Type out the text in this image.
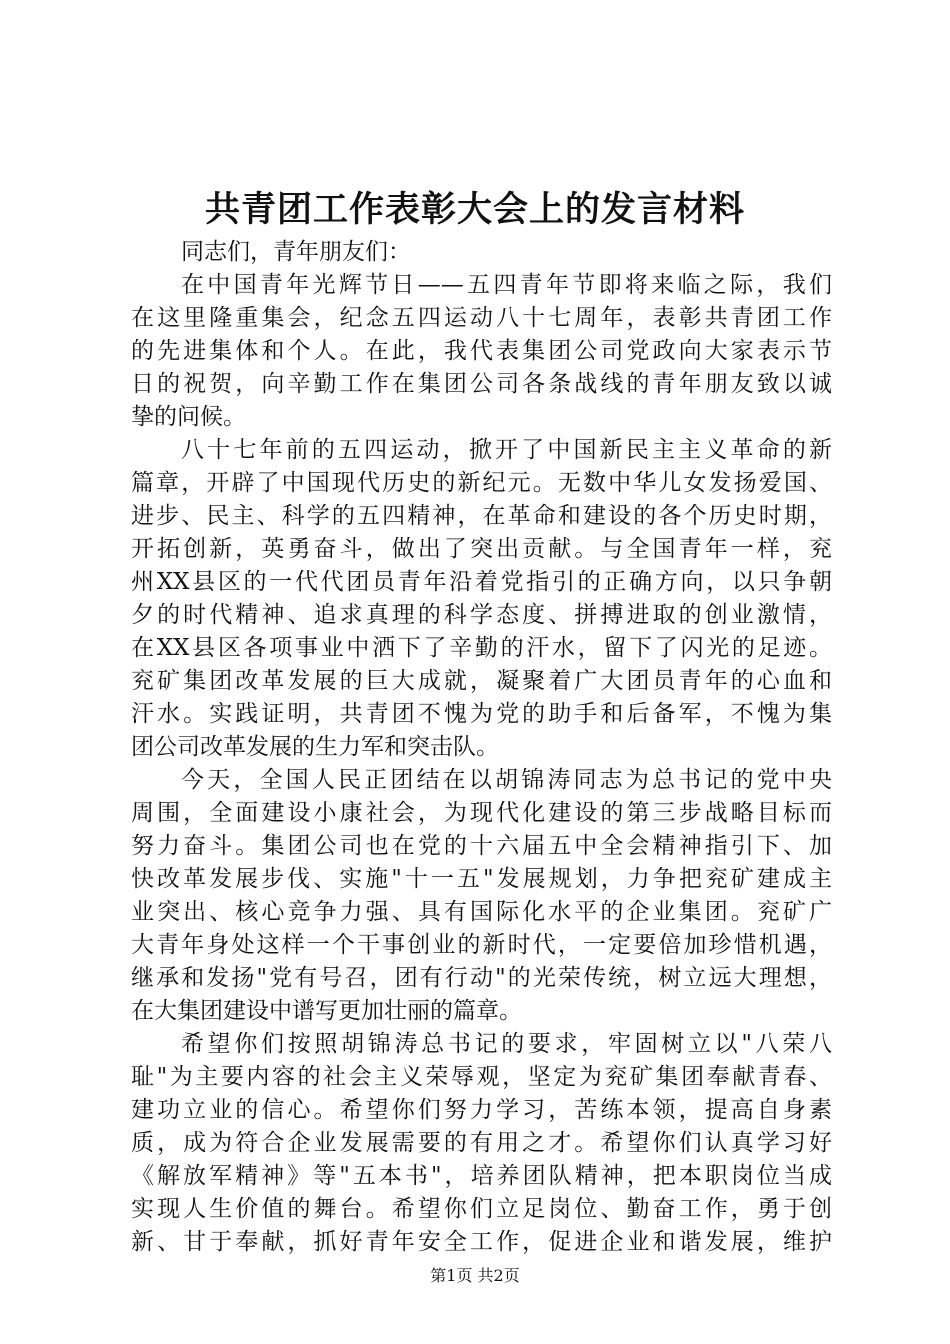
共青团工作表彰大会上的发言材料
同志们，青年朋友们：
在中国青年光辉节日——五四青年节即将来临之际，我们
在这里隆重集会，纪念五四运动八十七周年，表彰共青团工作
的先进集体和个人。在此，我代表集团公司党政向大家表示节
日的祝贺，向辛勤工作在集团公司各条战线的青年朋友致以诚
挚的问候。
八十七年前的五四运动，掀开了中国新民主主义革命的新
篇章，开辟了中国现代历史的新纪元。无数中华儿女发扬爱国、
进步、民主、科学的五四精神，在革命和建设的各个历史时期，
开拓创新，英勇奋斗，做出了突出贡献。与全国青年一样，兖
州XX县区的一代代团员青年沿着党指引的正确方向，以只争朝
夕的时代精神、追求真理的科学态度、拼搏进取的创业激情，
在XX县区各项事业中洒下了辛勤的汗水，留下了闪光的足迹。
兖矿集团改革发展的巨大成就，凝聚着广大团员青年的心血和
汗水。实践证明，共青团不愧为党的助手和后备军，不愧为集
团公司改革发展的生力军和突击队。
今天，全国人民正团结在以胡锦涛同志为总书记的党中央
周围，全面建设小康社会，为现代化建设的第三步战略目标而
努力奋斗。集团公司也在党的十六届五中全会精神指引下、加
快改革发展步伐、实施"十一五"发展规划，力争把兖矿建成主
业突出、核心竞争力强、具有国际化水平的企业集团。兖矿广
大青年身处这样一个干事创业的新时代，一定要倍加珍惜机遇，
继承和发扬"党有号召，团有行动"的光荣传统，树立远大理想，
在大集团建设中谱写更加壮丽的篇章。
希望你们按照胡锦涛总书记的要求，牢固树立以"八荣八
耻"为主要内容的社会主义荣辱观，坚定为兖矿集团奉献青春、
建功立业的信心。希望你们努力学习，苦练本领，提高自身素
质，成为符合企业发展需要的有用之才。希望你们认真学习好
《解放军精神》等"五本书"，培养团队精神，把本职岗位当成
实现人生价值的舞台。希望你们立足岗位、勤奋工作，勇于创
新、甘于奉献，抓好青年安全工作，促进企业和谐发展，维护
第1页 共2页
